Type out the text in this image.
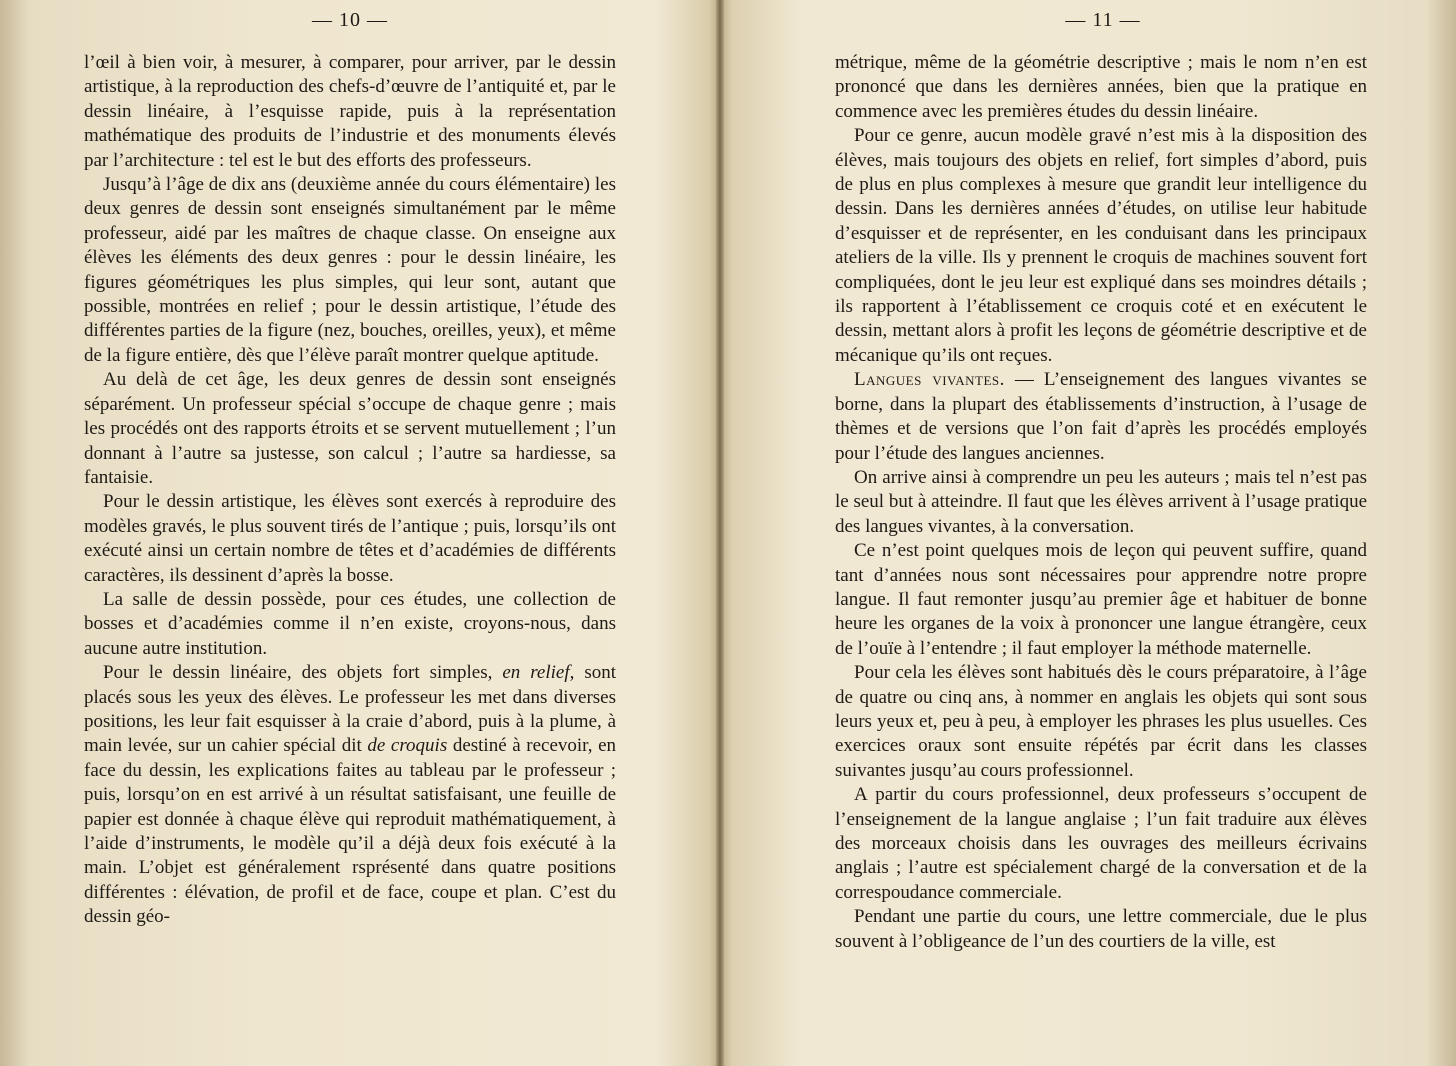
— 10 —

l’œil à bien voir, à mesurer, à comparer, pour arriver, par le dessin artistique, à la reproduction des chefs-d’œuvre de l’antiquité et, par le dessin linéaire, à l’esquisse rapide, puis à la représentation mathématique des produits de l’industrie et des monuments élevés par l’architecture : tel est le but des efforts des professeurs.

Jusqu’à l’âge de dix ans (deuxième année du cours élémentaire) les deux genres de dessin sont enseignés simultanément par le même professeur, aidé par les maîtres de chaque classe. On enseigne aux élèves les éléments des deux genres : pour le dessin linéaire, les figures géométriques les plus simples, qui leur sont, autant que possible, montrées en relief ; pour le dessin artistique, l’étude des différentes parties de la figure (nez, bouches, oreilles, yeux), et même de la figure entière, dès que l’élève paraît montrer quelque aptitude.

Au delà de cet âge, les deux genres de dessin sont enseignés séparément. Un professeur spécial s’occupe de chaque genre ; mais les procédés ont des rapports étroits et se servent mutuellement ; l’un donnant à l’autre sa justesse, son calcul ; l’autre sa hardiesse, sa fantaisie.

Pour le dessin artistique, les élèves sont exercés à reproduire des modèles gravés, le plus souvent tirés de l’antique ; puis, lorsqu’ils ont exécuté ainsi un certain nombre de têtes et d’académies de différents caractères, ils dessinent d’après la bosse.

La salle de dessin possède, pour ces études, une collection de bosses et d’académies comme il n’en existe, croyons-nous, dans aucune autre institution.

Pour le dessin linéaire, des objets fort simples, en relief, sont placés sous les yeux des élèves. Le professeur les met dans diverses positions, les leur fait esquisser à la craie d’abord, puis à la plume, à main levée, sur un cahier spécial dit de croquis destiné à recevoir, en face du dessin, les explications faites au tableau par le professeur ; puis, lorsqu’on en est arrivé à un résultat satisfaisant, une feuille de papier est donnée à chaque élève qui reproduit mathématiquement, à l’aide d’instruments, le modèle qu’il a déjà deux fois exécuté à la main. L’objet est généralement rsprésenté dans quatre positions différentes : élévation, de profil et de face, coupe et plan. C’est du dessin géo-

— 11 —

métrique, même de la géométrie descriptive ; mais le nom n’en est prononcé que dans les dernières années, bien que la pratique en commence avec les premières études du dessin linéaire.

Pour ce genre, aucun modèle gravé n’est mis à la disposition des élèves, mais toujours des objets en relief, fort simples d’abord, puis de plus en plus complexes à mesure que grandit leur intelligence du dessin. Dans les dernières années d’études, on utilise leur habitude d’esquisser et de représenter, en les conduisant dans les principaux ateliers de la ville. Ils y prennent le croquis de machines souvent fort compliquées, dont le jeu leur est expliqué dans ses moindres détails ; ils rapportent à l’établissement ce croquis coté et en exécutent le dessin, mettant alors à profit les leçons de géométrie descriptive et de mécanique qu’ils ont reçues.

Langues vivantes. — L’enseignement des langues vivantes se borne, dans la plupart des établissements d’instruction, à l’usage de thèmes et de versions que l’on fait d’après les procédés employés pour l’étude des langues anciennes.

On arrive ainsi à comprendre un peu les auteurs ; mais tel n’est pas le seul but à atteindre. Il faut que les élèves arrivent à l’usage pratique des langues vivantes, à la conversation.

Ce n’est point quelques mois de leçon qui peuvent suffire, quand tant d’années nous sont nécessaires pour apprendre notre propre langue. Il faut remonter jusqu’au premier âge et habituer de bonne heure les organes de la voix à prononcer une langue étrangère, ceux de l’ouïe à l’entendre ; il faut employer la méthode maternelle.

Pour cela les élèves sont habitués dès le cours préparatoire, à l’âge de quatre ou cinq ans, à nommer en anglais les objets qui sont sous leurs yeux et, peu à peu, à employer les phrases les plus usuelles. Ces exercices oraux sont ensuite répétés par écrit dans les classes suivantes jusqu’au cours professionnel.

A partir du cours professionnel, deux professeurs s’occupent de l’enseignement de la langue anglaise ; l’un fait traduire aux élèves des morceaux choisis dans les ouvrages des meilleurs écrivains anglais ; l’autre est spécialement chargé de la conversation et de la correspoudance commerciale.

Pendant une partie du cours, une lettre commerciale, due le plus souvent à l’obligeance de l’un des courtiers de la ville, est
